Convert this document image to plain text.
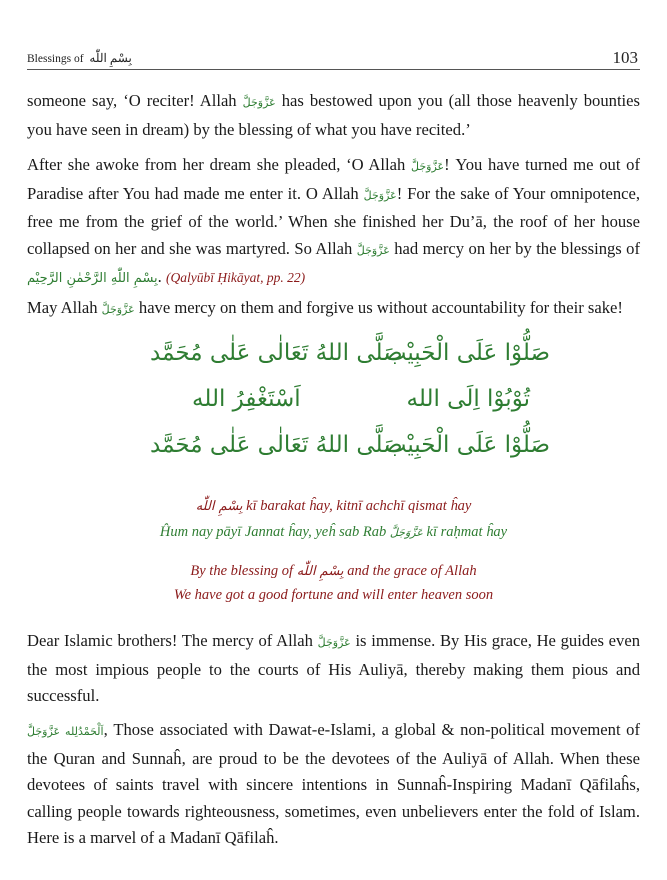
Blessings of بِسْمِ اللّٰه	103

someone say, ‘O reciter! Allah عَزَّوَجَلَّ has bestowed upon you (all those heavenly bounties you have seen in dream) by the blessing of what you have recited.’

After she awoke from her dream she pleaded, ‘O Allah عَزَّوَجَلَّ! You have turned me out of Paradise after You had made me enter it. O Allah عَزَّوَجَلَّ! For the sake of Your omnipotence, free me from the grief of the world.’ When she finished her Du’ā, the roof of her house collapsed on her and she was martyred. So Allah عَزَّوَجَلَّ had mercy on her by the blessings of بِسْمِ اللّٰهِ الرَّحْمٰنِ الرَّحِيْم. (Qalyūbī Ḥikāyat, pp. 22)

May Allah عَزَّوَجَلَّ have mercy on them and forgive us without accountability for their sake!

صَلُّوْا عَلَى الْحَبِيْب
صَلَّى اللهُ تَعَالٰى عَلٰى مُحَمَّد
تُوْبُوْا اِلَى الله
اَسْتَغْفِرُ الله
صَلُّوْا عَلَى الْحَبِيْب
صَلَّى اللهُ تَعَالٰى عَلٰى مُحَمَّد

بِسْمِ اللّٰه kī barakat ĥay, kitnī achchī qismat ĥay

Ĥum nay pāyī Jannat ĥay, yeĥ sab Rab عَزَّوَجَلَّ kī raḥmat ĥay

By the blessing of بِسْمِ اللّٰه and the grace of Allah

We have got a good fortune and will enter heaven soon

Dear Islamic brothers! The mercy of Allah عَزَّوَجَلَّ is immense. By His grace, He guides even the most impious people to the courts of His Auliyā, thereby making them pious and successful.

اَلْحَمْدُلِله عَزَّوَجَلَّ, Those associated with Dawat-e-Islami, a global & non-political movement of the Quran and Sunnaĥ, are proud to be the devotees of the Auliyā of Allah. When these devotees of saints travel with sincere intentions in Sunnaĥ-Inspiring Madanī Qāfilaĥs, calling people towards righteousness, sometimes, even unbelievers enter the fold of Islam. Here is a marvel of a Madanī Qāfilaĥ.
